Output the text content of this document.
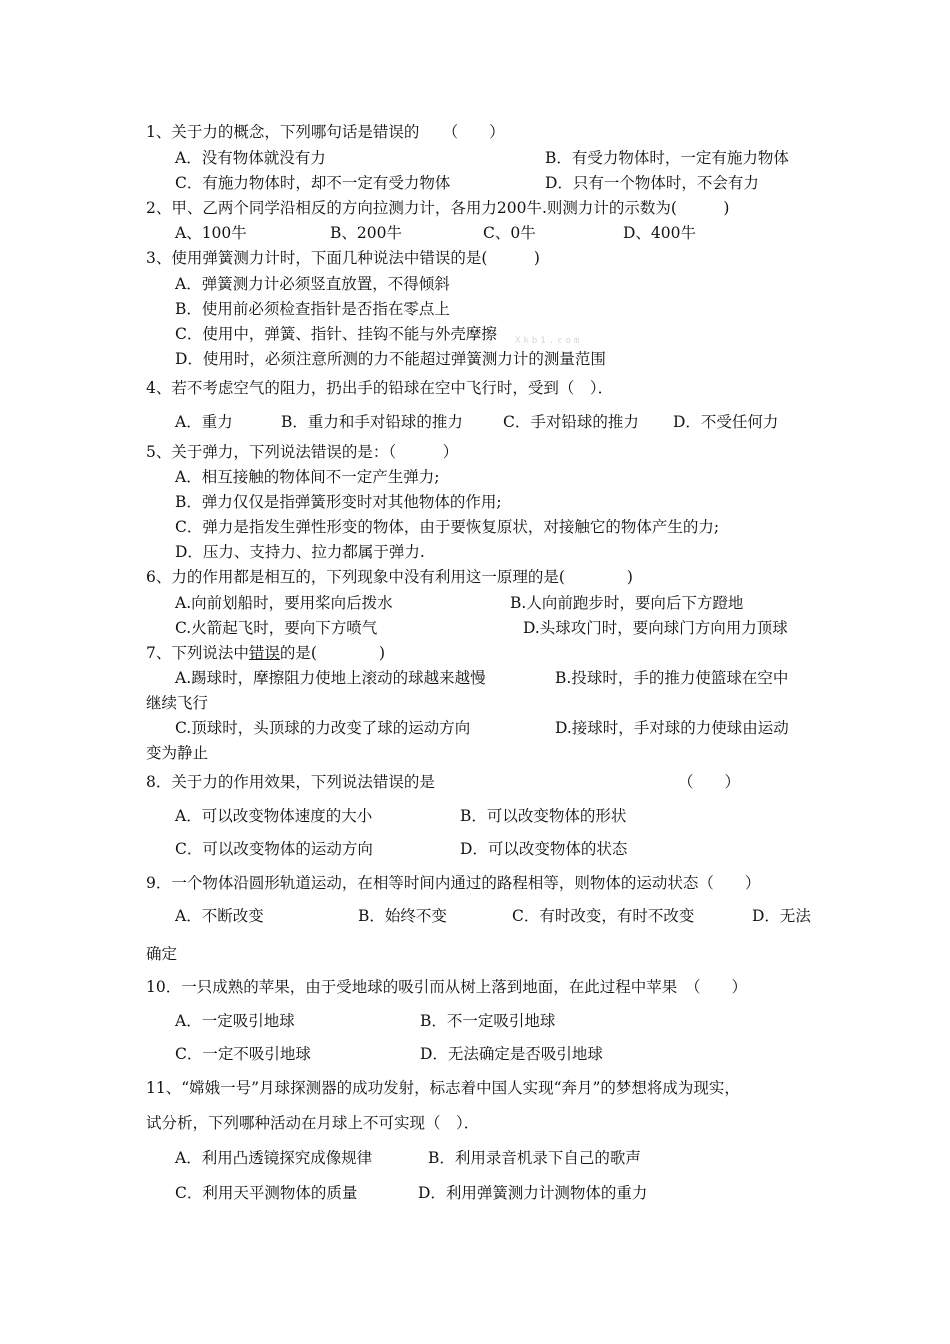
Xkb1.com
1、关于力的概念，下列哪句话是错误的　　（　　）
A．没有物体就没有力	B．有受力物体时，一定有施力物体
C．有施力物体时，却不一定有受力物体	D．只有一个物体时，不会有力
2、甲、乙两个同学沿相反的方向拉测力计，各用力200牛.则测力计的示数为(　　　)
A、100牛	B、200牛	C、0牛	D、400牛
3、使用弹簧测力计时，下面几种说法中错误的是(　　　)
A．弹簧测力计必须竖直放置，不得倾斜
B．使用前必须检查指针是否指在零点上
C．使用中，弹簧、指针、挂钩不能与外壳摩擦
D．使用时，必须注意所测的力不能超过弹簧测力计的测量范围
4、若不考虑空气的阻力，扔出手的铅球在空中飞行时，受到（　）．
A．重力	B．重力和手对铅球的推力	C．手对铅球的推力 D．不受任何力
5、关于弹力，下列说法错误的是：（　　　）
A．相互接触的物体间不一定产生弹力;
B．弹力仅仅是指弹簧形变时对其他物体的作用;
C．弹力是指发生弹性形变的物体，由于要恢复原状，对接触它的物体产生的力;
D．压力、支持力、拉力都属于弹力.
6、力的作用都是相互的，下列现象中没有利用这一原理的是(　　　　)
A.向前划船时，要用桨向后拨水	B.人向前跑步时，要向后下方蹬地
C.火箭起飞时，要向下方喷气	D.头球攻门时，要向球门方向用力顶球
7、下列说法中错误的是(　　　　)
A.踢球时，摩擦阻力使地上滚动的球越来越慢	B.投球时，手的推力使篮球在空中
继续飞行
C.顶球时，头顶球的力改变了球的运动方向	D.接球时，手对球的力使球由运动
变为静止
8．关于力的作用效果，下列说法错误的是	（　　）
A．可以改变物体速度的大小	B．可以改变物体的形状
C．可以改变物体的运动方向	D．可以改变物体的状态
9．一个物体沿圆形轨道运动，在相等时间内通过的路程相等，则物体的运动状态（　　）
A．不断改变	B．始终不变	C．有时改变，有时不改变	D．无法
确定
10．一只成熟的苹果，由于受地球的吸引而从树上落到地面，在此过程中苹果　（　　）
A．一定吸引地球	B．不一定吸引地球
C．一定不吸引地球	D．无法确定是否吸引地球
11、“嫦娥一号”月球探测器的成功发射，标志着中国人实现“奔月”的梦想将成为现实，
试分析，下列哪种活动在月球上不可实现（　）．
A．利用凸透镜探究成像规律	B．利用录音机录下自己的歌声
C．利用天平测物体的质量	D．利用弹簧测力计测物体的重力
